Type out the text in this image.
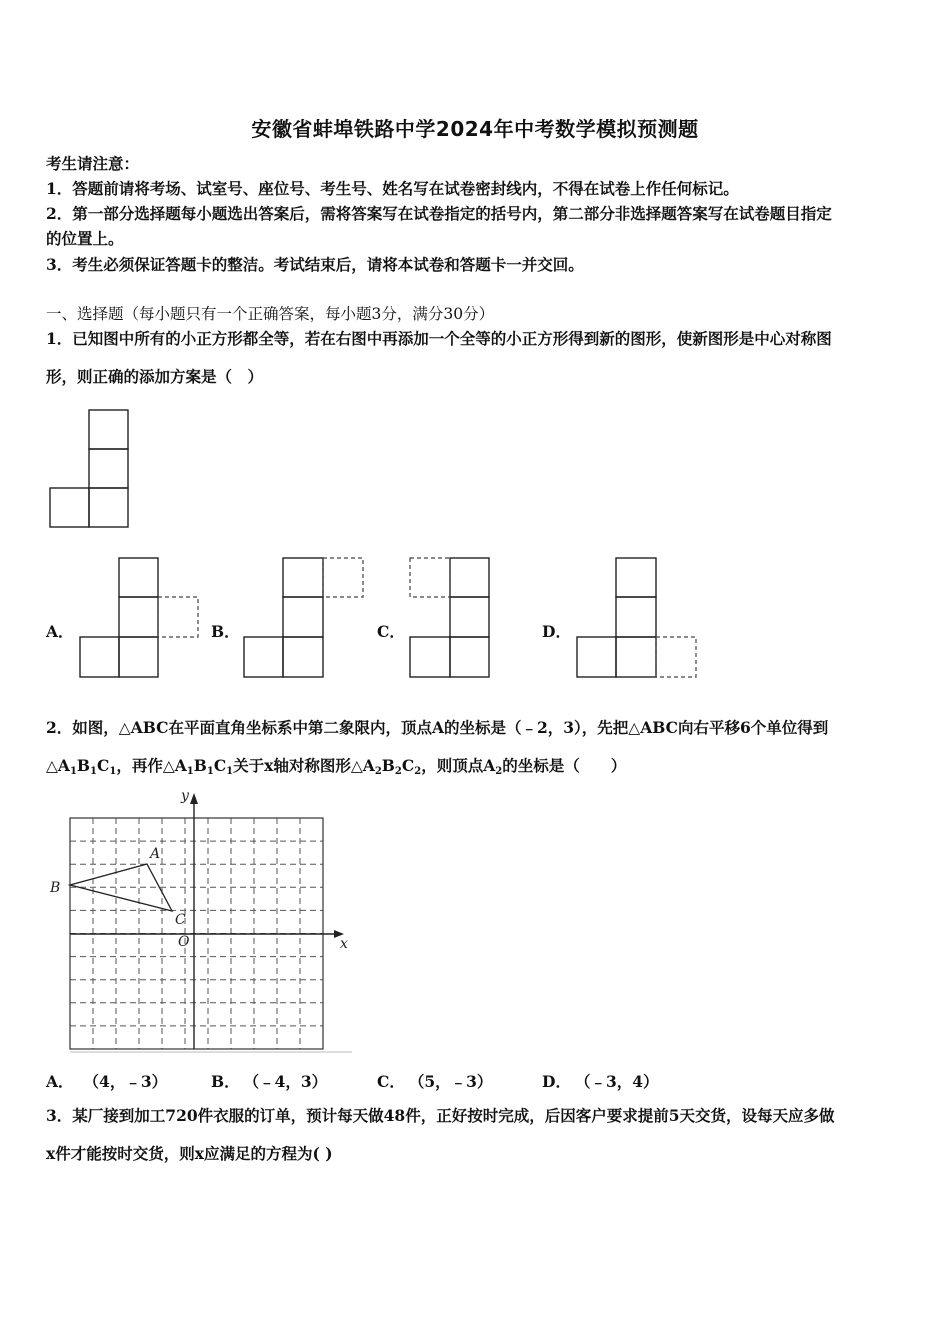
安徽省蚌埠铁路中学2024年中考数学模拟预测题
考生请注意：
1．答题前请将考场、试室号、座位号、考生号、姓名写在试卷密封线内，不得在试卷上作任何标记。
2．第一部分选择题每小题选出答案后，需将答案写在试卷指定的括号内，第二部分非选择题答案写在试卷题目指定
的位置上。
3．考生必须保证答题卡的整洁。考试结束后，请将本试卷和答题卡一并交回。
一、选择题（每小题只有一个正确答案，每小题3分，满分30分）
1．已知图中所有的小正方形都全等，若在右图中再添加一个全等的小正方形得到新的图形，使新图形是中心对称图
形，则正确的添加方案是（　）
A．	B．	C．	D．
2．如图，△ABC在平面直角坐标系中第二象限内，顶点A的坐标是（﹣2，3），先把△ABC向右平移6个单位得到
$\triangle A_1B_1C_1$，再作$\triangle A_1B_1C_1$关于x轴对称图形$\triangle A_2B_2C_2$，则顶点$A_2$的坐标是（　　）
y
x
O
A
B
C
A． （4，﹣3）	B． （﹣4，3）	C． （5，﹣3）	D． （﹣3，4）
3．某厂接到加工720件衣服的订单，预计每天做48件，正好按时完成，后因客户要求提前5天交货，设每天应多做
x件才能按时交货，则x应满足的方程为( )
